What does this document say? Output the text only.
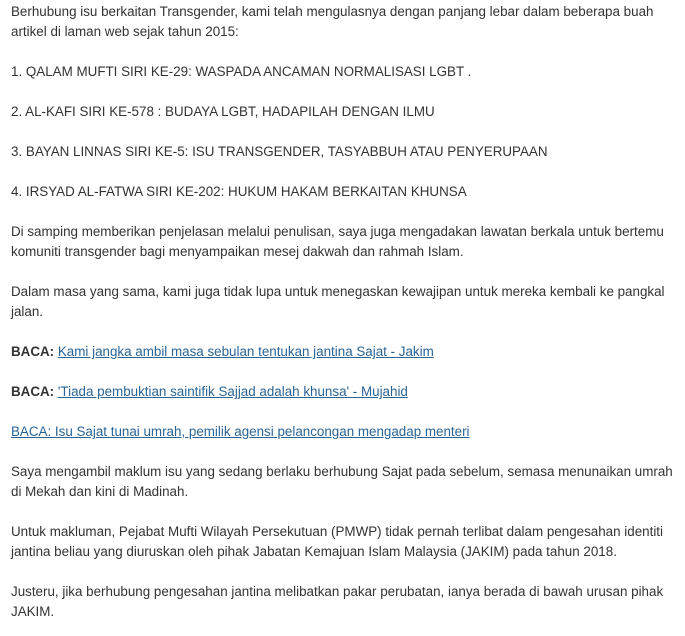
Berhubung isu berkaitan Transgender, kami telah mengulasnya dengan panjang lebar dalam beberapa buah artikel di laman web sejak tahun 2015:

1. QALAM MUFTI SIRI KE-29: WASPADA ANCAMAN NORMALISASI LGBT .

2. AL-KAFI SIRI KE-578 : BUDAYA LGBT, HADAPILAH DENGAN ILMU

3. BAYAN LINNAS SIRI KE-5: ISU TRANSGENDER, TASYABBUH ATAU PENYERUPAAN

4. IRSYAD AL-FATWA SIRI KE-202: HUKUM HAKAM BERKAITAN KHUNSA

Di samping memberikan penjelasan melalui penulisan, saya juga mengadakan lawatan berkala untuk bertemu komuniti transgender bagi menyampaikan mesej dakwah dan rahmah Islam.

Dalam masa yang sama, kami juga tidak lupa untuk menegaskan kewajipan untuk mereka kembali ke pangkal jalan.

BACA: Kami jangka ambil masa sebulan tentukan jantina Sajat - Jakim

BACA: 'Tiada pembuktian saintifik Sajjad adalah khunsa' - Mujahid

BACA: Isu Sajat tunai umrah, pemilik agensi pelancongan mengadap menteri

Saya mengambil maklum isu yang sedang berlaku berhubung Sajat pada sebelum, semasa menunaikan umrah di Mekah dan kini di Madinah.

Untuk makluman, Pejabat Mufti Wilayah Persekutuan (PMWP) tidak pernah terlibat dalam pengesahan identiti jantina beliau yang diuruskan oleh pihak Jabatan Kemajuan Islam Malaysia (JAKIM) pada tahun 2018.

Justeru, jika berhubung pengesahan jantina melibatkan pakar perubatan, ianya berada di bawah urusan pihak JAKIM.
